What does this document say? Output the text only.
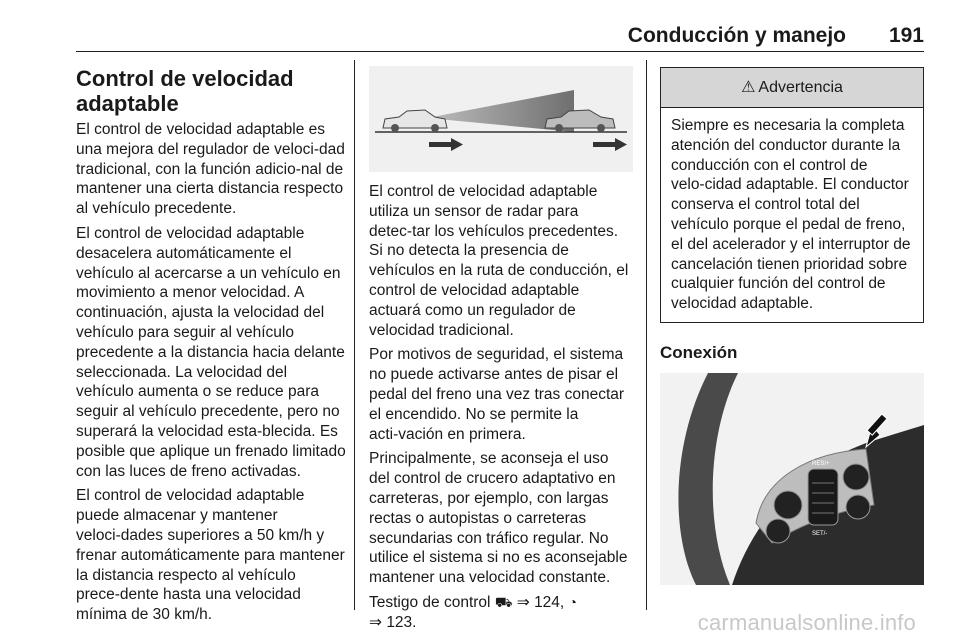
Conducción y manejo 191
Control de velocidad adaptable

El control de velocidad adaptable es una mejora del regulador de veloci‑dad tradicional, con la función adicio‑nal de mantener una cierta distancia respecto al vehículo precedente.

El control de velocidad adaptable desacelera automáticamente el vehículo al acercarse a un vehículo en movimiento a menor velocidad. A continuación, ajusta la velocidad del vehículo para seguir al vehículo precedente a la distancia hacia delante seleccionada. La velocidad del vehículo aumenta o se reduce para seguir al vehículo precedente, pero no superará la velocidad esta‑blecida. Es posible que aplique un frenado limitado con las luces de freno activadas.

El control de velocidad adaptable puede almacenar y mantener veloci‑dades superiores a 50 km/h y frenar automáticamente para mantener la distancia respecto al vehículo prece‑dente hasta una velocidad mínima de 30 km/h.

El control de velocidad adaptable utiliza un sensor de radar para detec‑tar los vehículos precedentes. Si no detecta la presencia de vehículos en la ruta de conducción, el control de velocidad adaptable actuará como un regulador de velocidad tradicional.

Por motivos de seguridad, el sistema no puede activarse antes de pisar el pedal del freno una vez tras conectar el encendido. No se permite la acti‑vación en primera.

Principalmente, se aconseja el uso del control de crucero adaptativo en carreteras, por ejemplo, con largas rectas o autopistas o carreteras secundarias con tráfico regular. No utilice el sistema si no es aconsejable mantener una velocidad constante.

Testigo de control ⛟ ⇒ 124, ◔
⇒ 123.

⚠ Advertencia
Siempre es necesaria la completa atención del conductor durante la conducción con el control de velo‑cidad adaptable. El conductor conserva el control total del vehículo porque el pedal de freno, el del acelerador y el interruptor de cancelación tienen prioridad sobre cualquier función del control de velocidad adaptable.
Conexión
RES/+
SET/-
carmanualsonline.info
